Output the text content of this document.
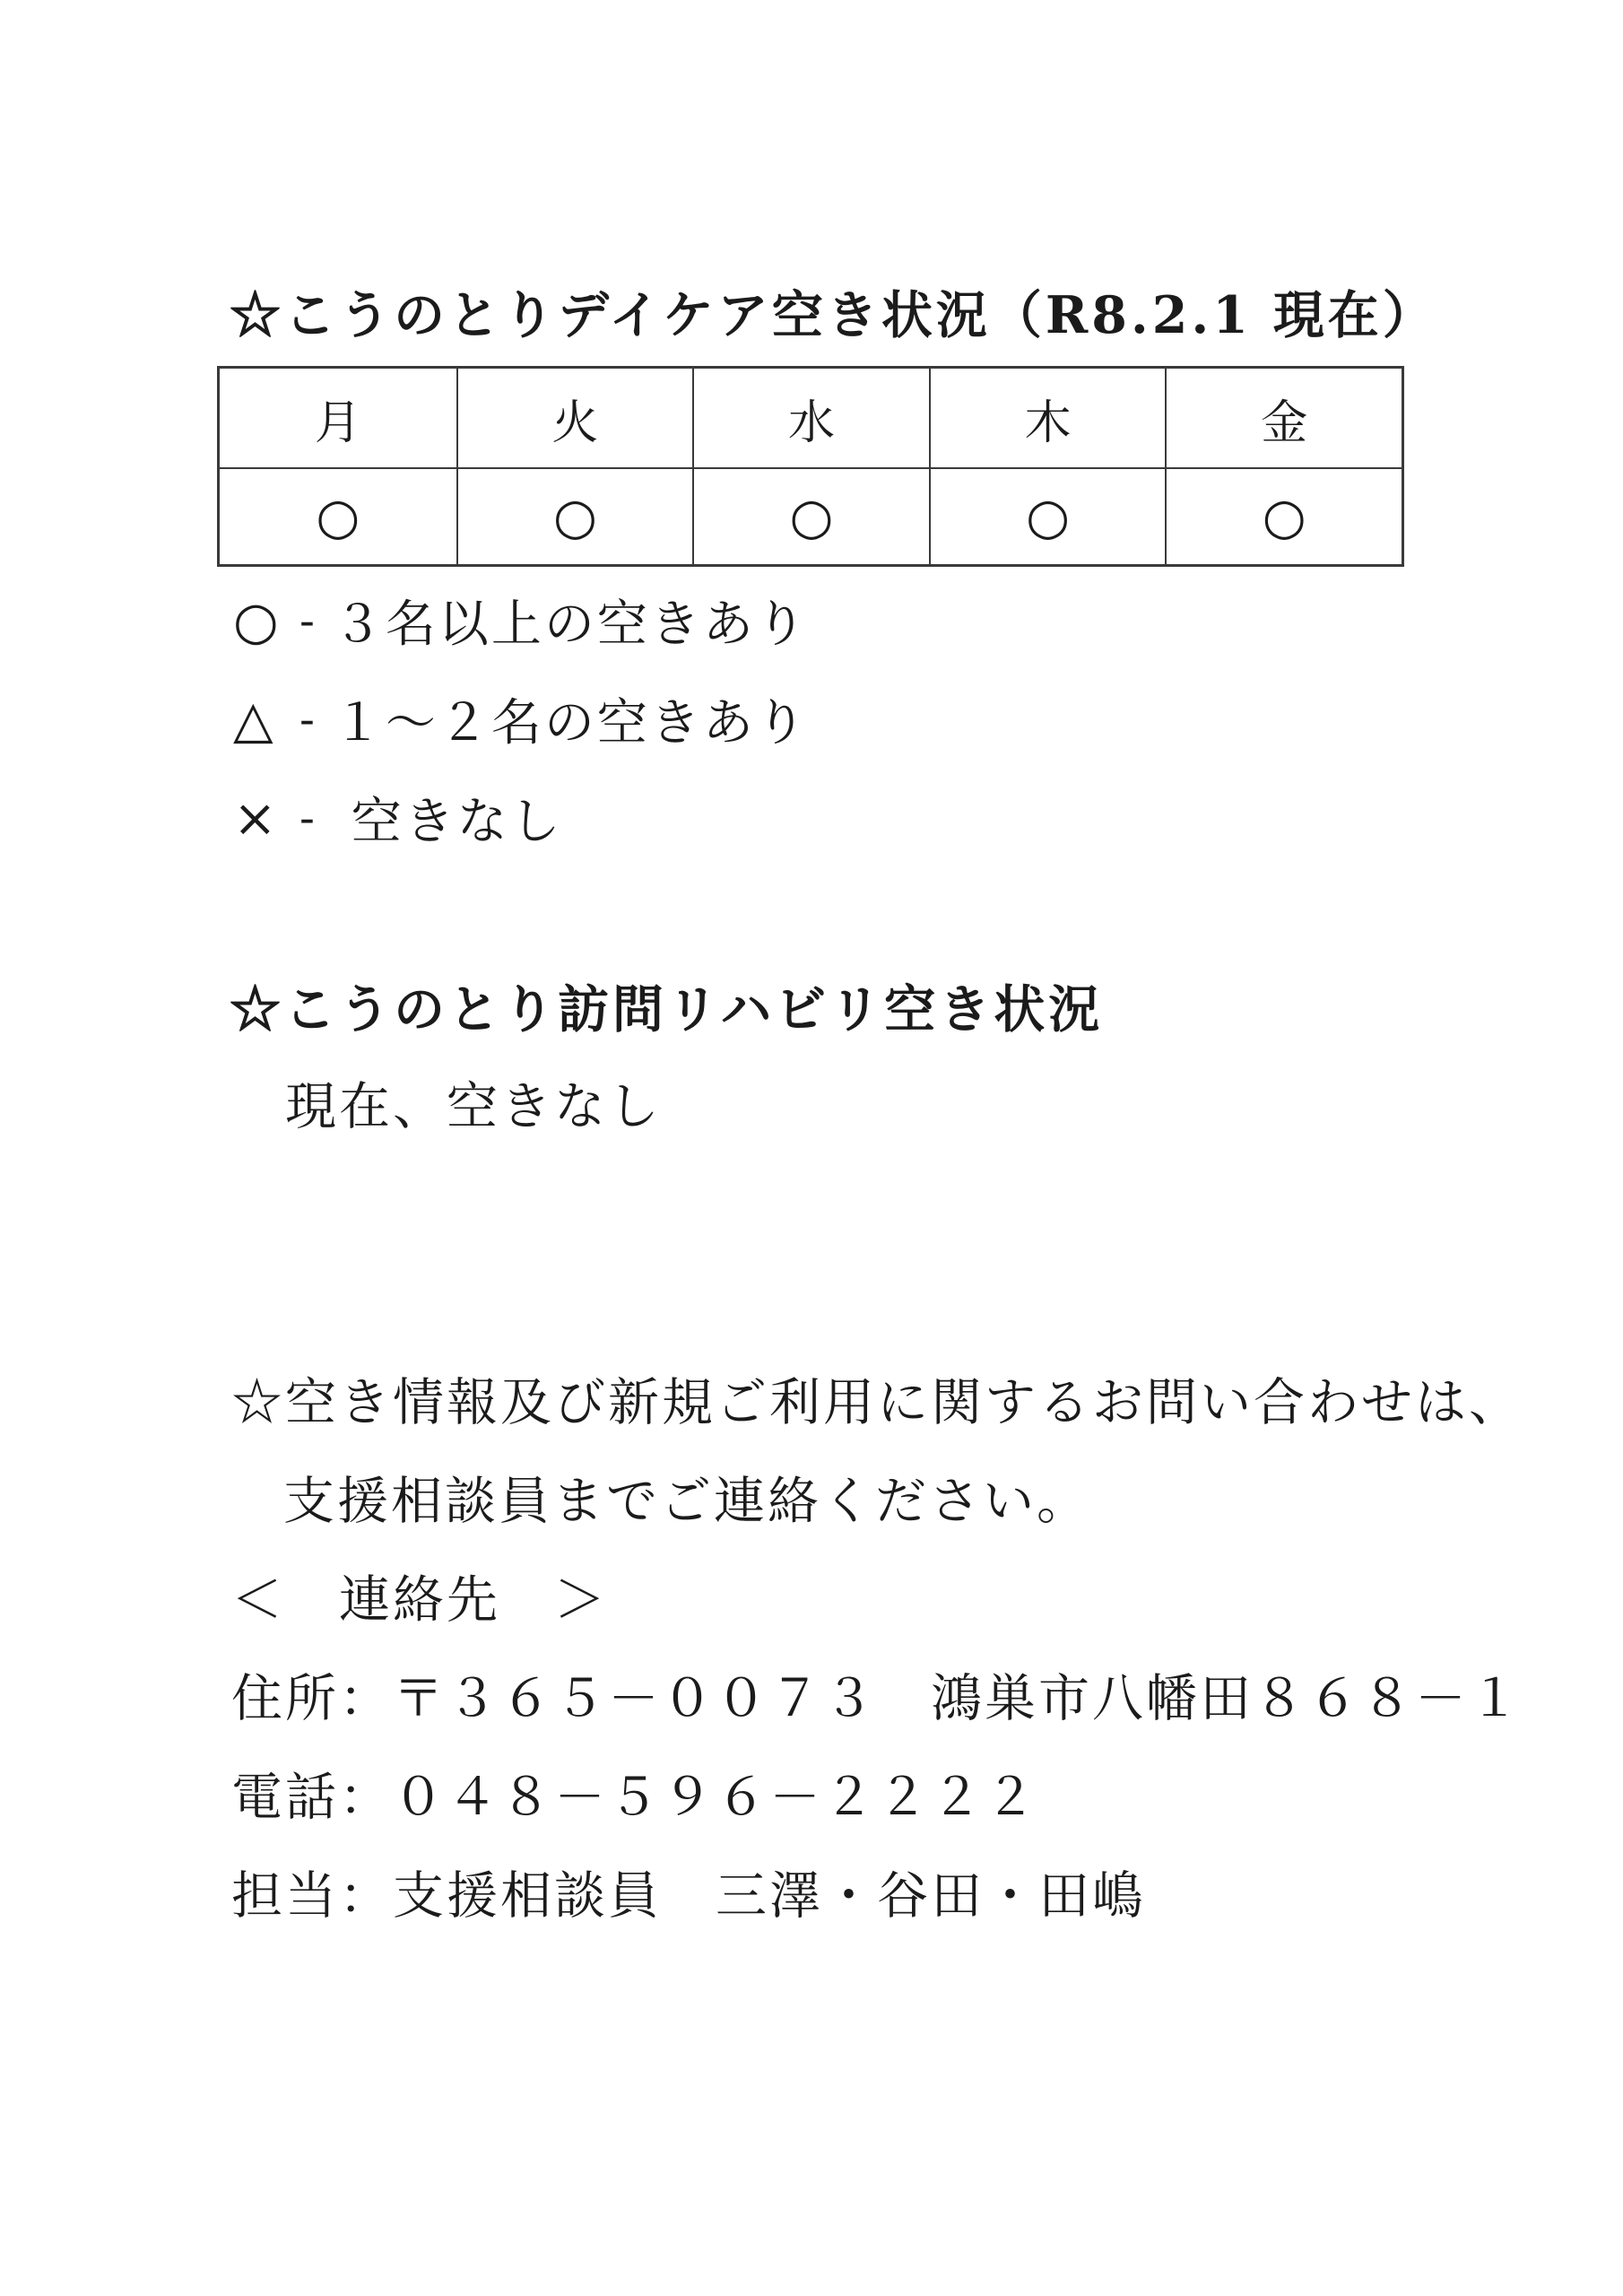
☆こうのとりデイケア空き状況（R8.2.1 現在）
月	火	水	木	金
○	○	○	○	○
○ - ３名以上の空きあり
△ - １～２名の空きあり
× - 空きなし
☆こうのとり訪問リハビリ空き状況
現在、空きなし
☆空き情報及び新規ご利用に関するお問い合わせは、
支援相談員までご連絡ください。
＜　連絡先　＞
住所：〒３６５－００７３　鴻巣市八幡田８６８－１
電話：０４８－５９６－２２２２
担当：支援相談員　三澤・谷田・田嶋
